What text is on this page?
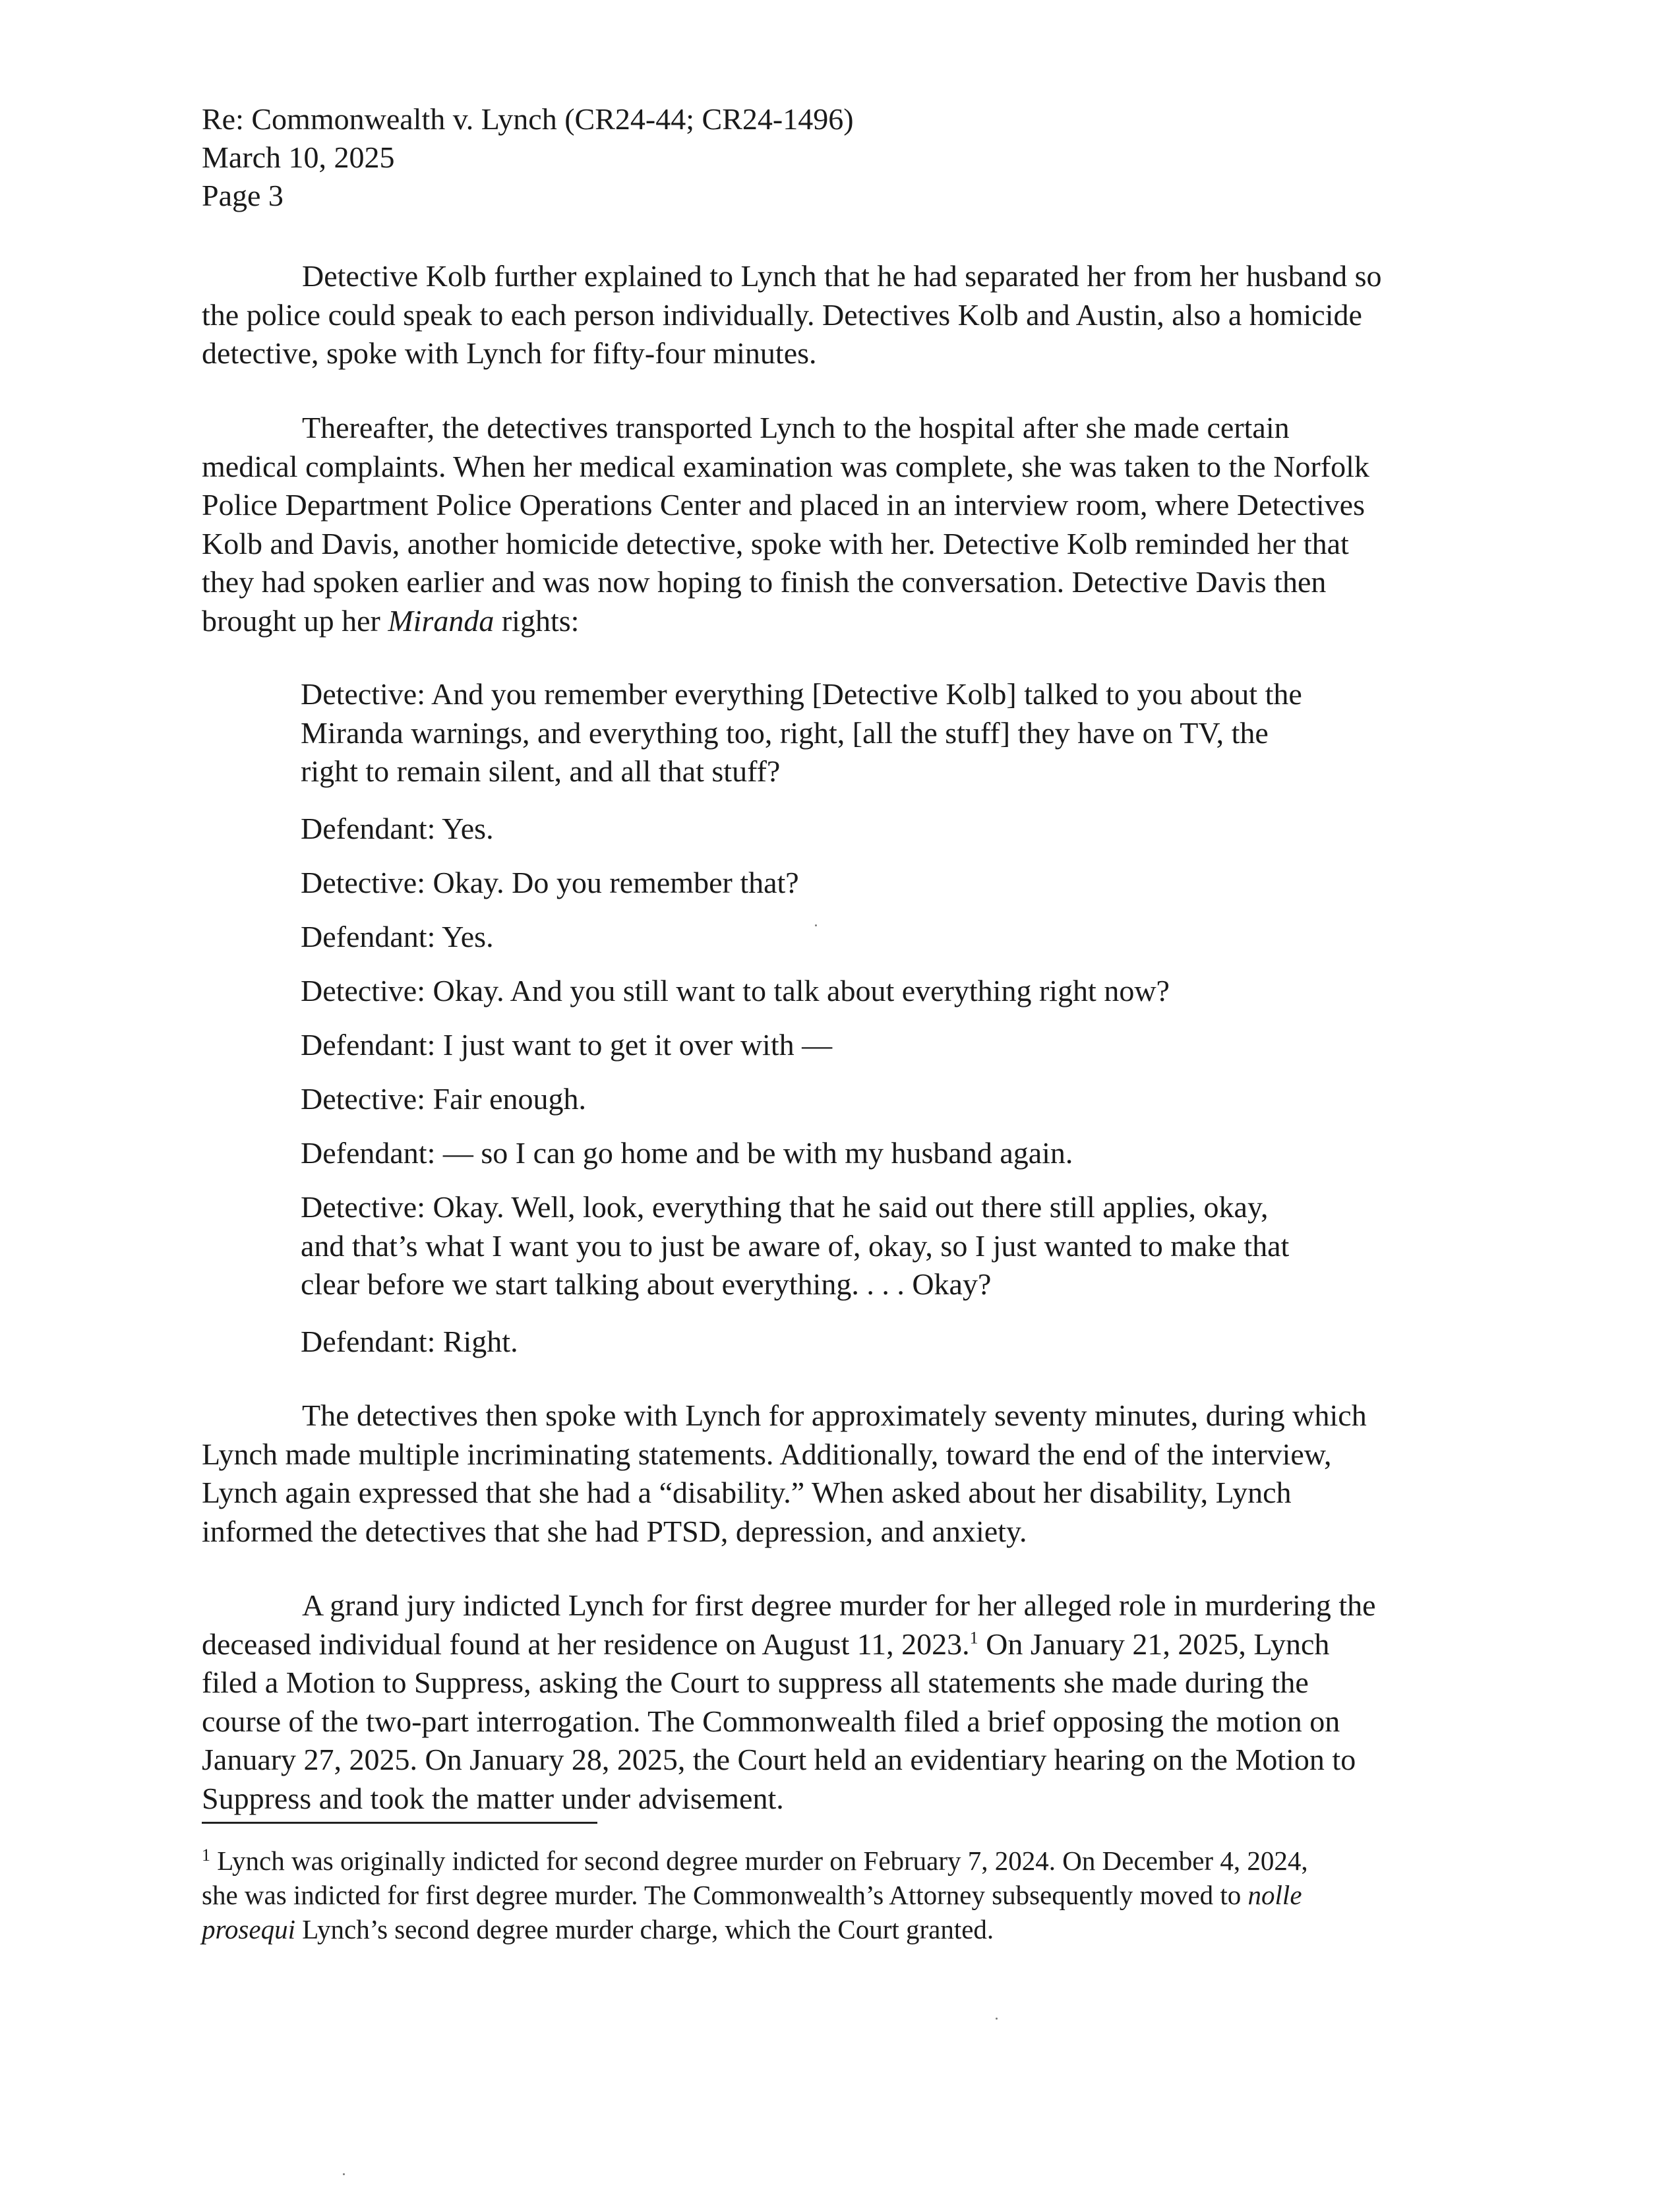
Re: Commonwealth v. Lynch (CR24-44; CR24-1496)
March 10, 2025
Page 3
Detective Kolb further explained to Lynch that he had separated her from her husband so
the police could speak to each person individually. Detectives Kolb and Austin, also a homicide
detective, spoke with Lynch for fifty-four minutes.
Thereafter, the detectives transported Lynch to the hospital after she made certain
medical complaints. When her medical examination was complete, she was taken to the Norfolk
Police Department Police Operations Center and placed in an interview room, where Detectives
Kolb and Davis, another homicide detective, spoke with her. Detective Kolb reminded her that
they had spoken earlier and was now hoping to finish the conversation. Detective Davis then
brought up her Miranda rights:
Detective: And you remember everything [Detective Kolb] talked to you about the
Miranda warnings, and everything too, right, [all the stuff] they have on TV, the
right to remain silent, and all that stuff?
Defendant: Yes.
Detective: Okay. Do you remember that?
Defendant: Yes.
Detective: Okay. And you still want to talk about everything right now?
Defendant: I just want to get it over with —
Detective: Fair enough.
Defendant: — so I can go home and be with my husband again.
Detective: Okay. Well, look, everything that he said out there still applies, okay,
and that’s what I want you to just be aware of, okay, so I just wanted to make that
clear before we start talking about everything. . . . Okay?
Defendant: Right.
The detectives then spoke with Lynch for approximately seventy minutes, during which
Lynch made multiple incriminating statements. Additionally, toward the end of the interview,
Lynch again expressed that she had a “disability.” When asked about her disability, Lynch
informed the detectives that she had PTSD, depression, and anxiety.
A grand jury indicted Lynch for first degree murder for her alleged role in murdering the
deceased individual found at her residence on August 11, 2023.$^1$ On January 21, 2025, Lynch
filed a Motion to Suppress, asking the Court to suppress all statements she made during the
course of the two-part interrogation. The Commonwealth filed a brief opposing the motion on
January 27, 2025. On January 28, 2025, the Court held an evidentiary hearing on the Motion to
Suppress and took the matter under advisement.
$^1$ Lynch was originally indicted for second degree murder on February 7, 2024. On December 4, 2024,
she was indicted for first degree murder. The Commonwealth’s Attorney subsequently moved to nolle
prosequi Lynch’s second degree murder charge, which the Court granted.
